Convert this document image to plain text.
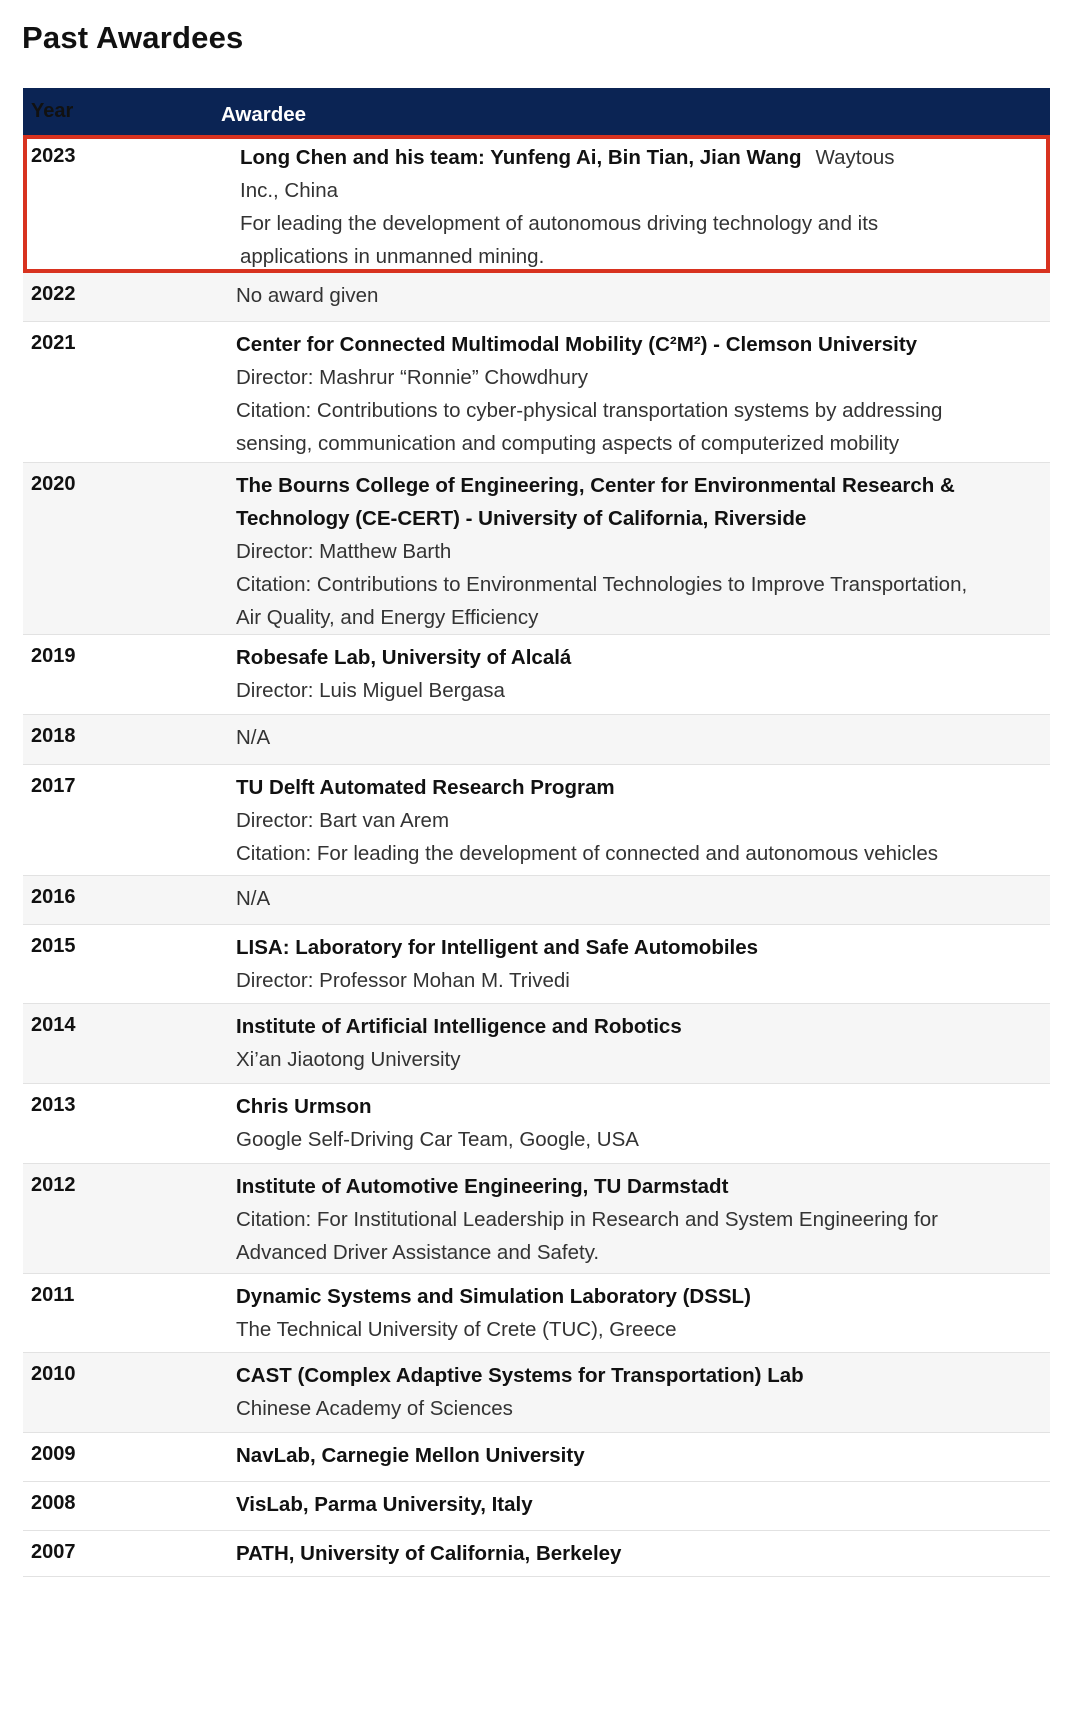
Past Awardees
Year	Awardee
2023	Long Chen and his team: Yunfeng Ai, Bin Tian, Jian Wang Waytous
Inc., China
For leading the development of autonomous driving technology and its
applications in unmanned mining.
2022	No award given
2021	Center for Connected Multimodal Mobility (C²M²) - Clemson University
Director: Mashrur “Ronnie” Chowdhury
Citation: Contributions to cyber-physical transportation systems by addressing
sensing, communication and computing aspects of computerized mobility
2020	The Bourns College of Engineering, Center for Environmental Research &
Technology (CE-CERT) - University of California, Riverside
Director: Matthew Barth
Citation: Contributions to Environmental Technologies to Improve Transportation,
Air Quality, and Energy Efficiency
2019	Robesafe Lab, University of Alcalá
Director: Luis Miguel Bergasa
2018	N/A
2017	TU Delft Automated Research Program
Director: Bart van Arem
Citation: For leading the development of connected and autonomous vehicles
2016	N/A
2015	LISA: Laboratory for Intelligent and Safe Automobiles
Director: Professor Mohan M. Trivedi
2014	Institute of Artificial Intelligence and Robotics
Xi’an Jiaotong University
2013	Chris Urmson
Google Self-Driving Car Team, Google, USA
2012	Institute of Automotive Engineering, TU Darmstadt
Citation: For Institutional Leadership in Research and System Engineering for
Advanced Driver Assistance and Safety.
2011	Dynamic Systems and Simulation Laboratory (DSSL)
The Technical University of Crete (TUC), Greece
2010	CAST (Complex Adaptive Systems for Transportation) Lab
Chinese Academy of Sciences
2009	NavLab, Carnegie Mellon University
2008	VisLab, Parma University, Italy
2007	PATH, University of California, Berkeley
